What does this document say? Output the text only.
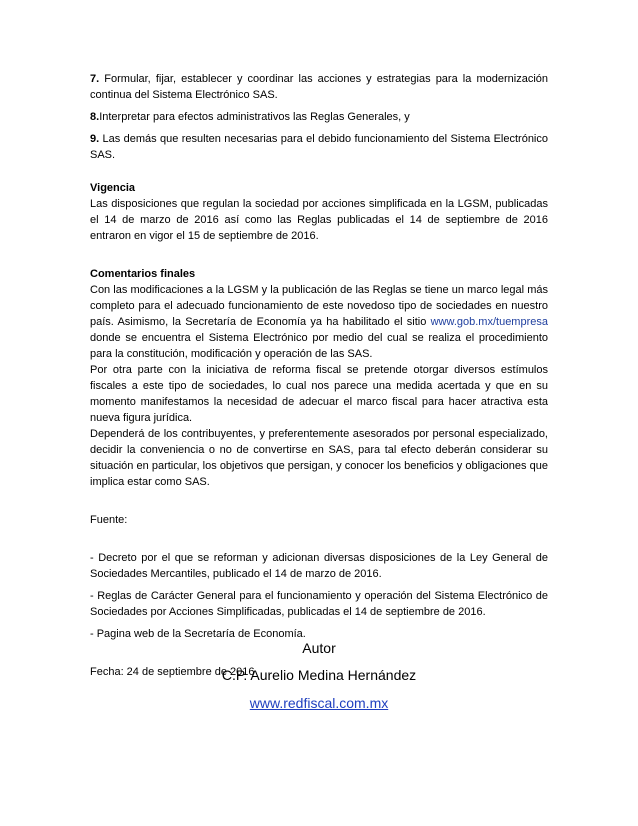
7. Formular, fijar, establecer y coordinar las acciones y estrategias para la modernización continua del Sistema Electrónico SAS.

8.Interpretar para efectos administrativos las Reglas Generales, y

9. Las demás que resulten necesarias para el debido funcionamiento del Sistema Electrónico SAS.

Vigencia

Las disposiciones que regulan la sociedad por acciones simplificada en la LGSM, publicadas el 14 de marzo de 2016 así como las Reglas publicadas el 14 de septiembre de 2016 entraron en vigor el 15 de septiembre de 2016.

Comentarios finales

Con las modificaciones a la LGSM y la publicación de las Reglas se tiene un marco legal más completo para el adecuado funcionamiento de este novedoso tipo de sociedades en nuestro país. Asimismo, la Secretaría de Economía ya ha habilitado el sitio www.gob.mx/tuempresa donde se encuentra el Sistema Electrónico por medio del cual se realiza el procedimiento para la constitución, modificación y operación de las SAS.

Por otra parte con la iniciativa de reforma fiscal se pretende otorgar diversos estímulos fiscales a este tipo de sociedades, lo cual nos parece una medida acertada y que en su momento manifestamos la necesidad de adecuar el marco fiscal para hacer atractiva esta nueva figura jurídica.

Dependerá de los contribuyentes, y preferentemente asesorados por personal especializado, decidir la conveniencia o no de convertirse en SAS, para tal efecto deberán considerar su situación en particular, los objetivos que persigan, y conocer los beneficios y obligaciones que implica estar como SAS.

Fuente:

- Decreto por el que se reforman y adicionan diversas disposiciones de la Ley General de Sociedades Mercantiles, publicado el 14 de marzo de 2016.

- Reglas de Carácter General para el funcionamiento y operación del Sistema Electrónico de Sociedades por Acciones Simplificadas, publicadas el 14 de septiembre de 2016.

- Pagina web de la Secretaría de Economía.

Fecha: 24 de septiembre de 2016

Autor
C.P. Aurelio Medina Hernández
www.redfiscal.com.mx
